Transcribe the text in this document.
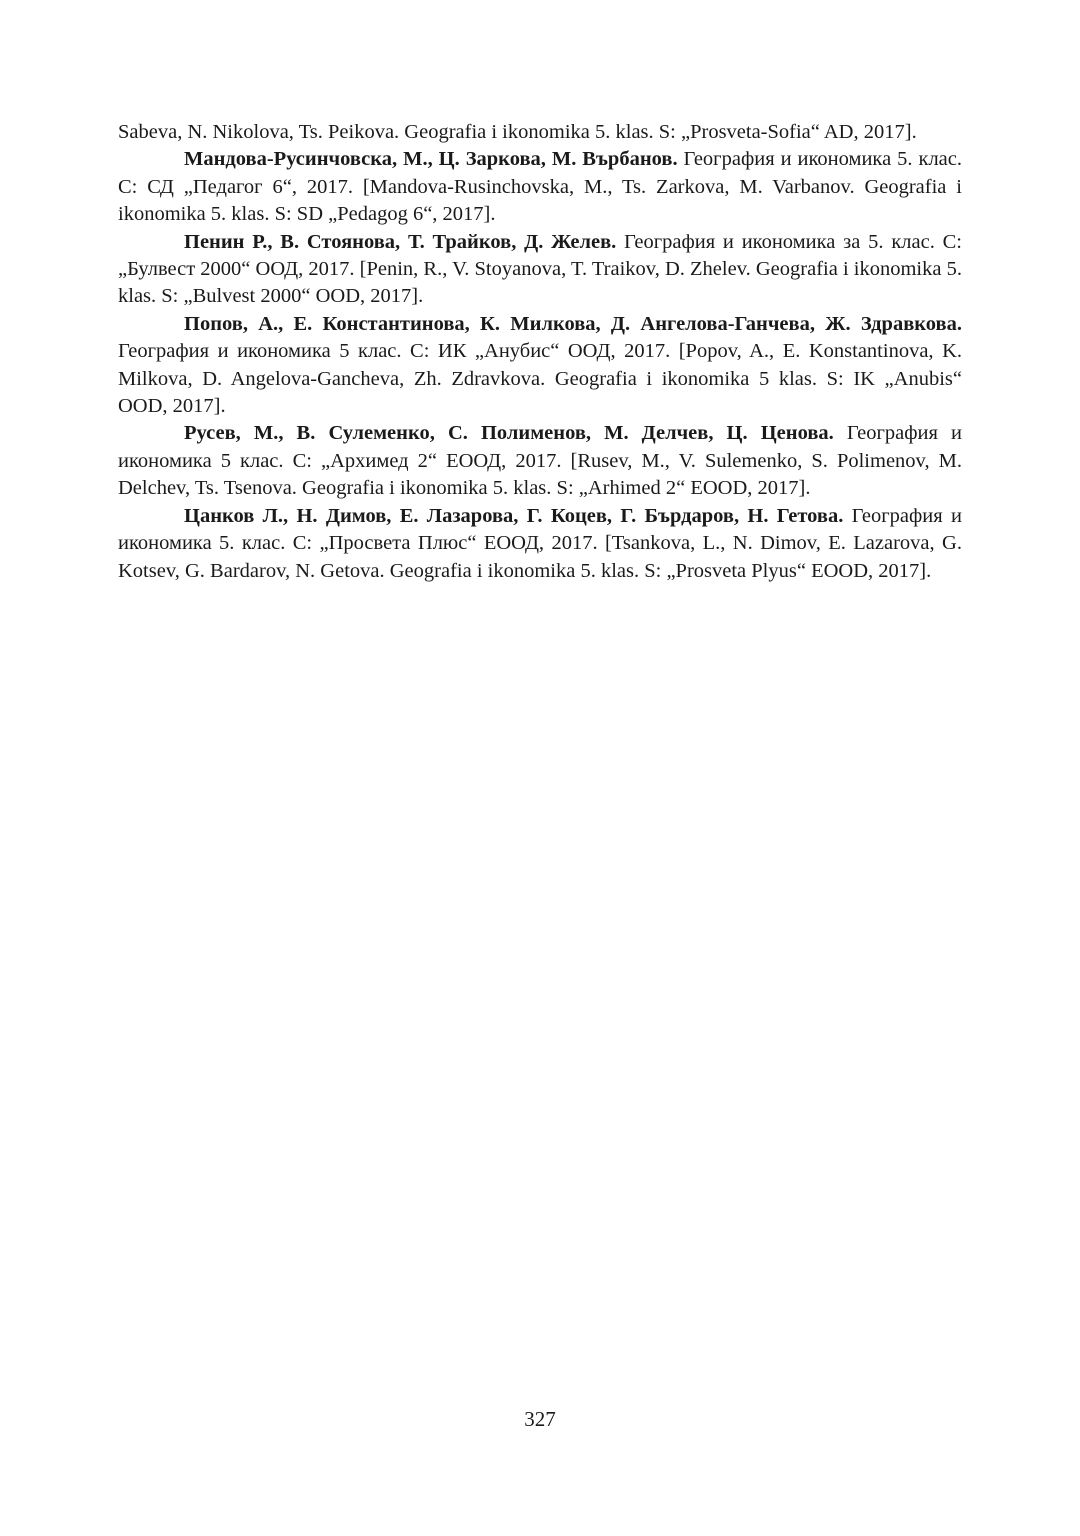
Sabeva, N. Nikolova, Ts. Peikova. Geografia i ikonomika 5. klas. S: „Prosveta-Sofia“ AD, 2017].

Мандова-Русинчовска, М., Ц. Заркова, М. Върбанов. География и икономика 5. клас. С: СД „Педагог 6“, 2017. [Mandova-Rusinchovska, M., Ts. Zarkova, M. Varbanov. Geografia i ikonomika 5. klas. S: SD „Pedagog 6“, 2017].

Пенин Р., В. Стоянова, Т. Трайков, Д. Желев. География и икономика за 5. клас. С: „Булвест 2000“ ООД, 2017. [Penin, R., V. Stoyanova, T. Traikov, D. Zhelev. Geografia i ikonomika 5. klas. S: „Bulvest 2000“ OOD, 2017].

Попов, А., Е. Константинова, К. Милкова, Д. Ангелова-Ганчева, Ж. Здравкова. География и икономика 5 клас. С: ИК „Анубис“ ООД, 2017. [Popov, A., E. Konstantinova, K. Milkova, D. Angelova-Gancheva, Zh. Zdravkova. Geografia i ikonomika 5 klas. S: IK „Anubis“ OOD, 2017].

Русев, М., В. Сулеменко, С. Полименов, М. Делчев, Ц. Ценова. География и икономика 5 клас. С: „Архимед 2“ ЕООД, 2017. [Rusev, M., V. Sulemenko, S. Polimenov, M. Delchev, Ts. Tsenova. Geografia i ikonomika 5. klas. S: „Arhimed 2“ EOOD, 2017].

Цанков Л., Н. Димов, Е. Лазарова, Г. Коцев, Г. Бърдаров, Н. Гетова. География и икономика 5. клас. С: „Просвета Плюс“ ЕООД, 2017. [Tsankova, L., N. Dimov, E. Lazarova, G. Kotsev, G. Bardarov, N. Getova. Geografia i ikonomika 5. klas. S: „Prosveta Plyus“ EOOD, 2017].

327
